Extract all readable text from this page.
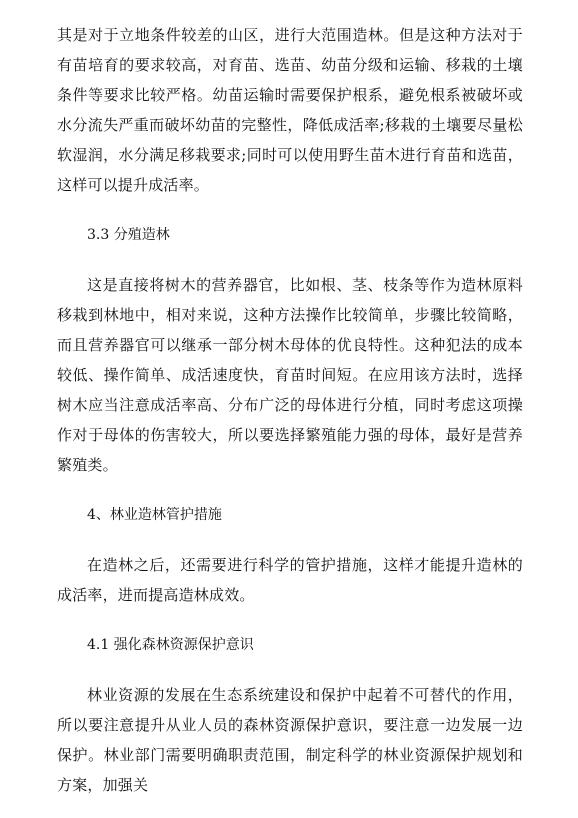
其是对于立地条件较差的山区，进行大范围造林。但是这种方法对于有苗培育的要求较高，对育苗、选苗、幼苗分级和运输、移栽的土壤条件等要求比较严格。幼苗运输时需要保护根系，避免根系被破坏或水分流失严重而破坏幼苗的完整性，降低成活率;移栽的土壤要尽量松软湿润，水分满足移栽要求;同时可以使用野生苗木进行育苗和选苗，这样可以提升成活率。

3.3 分殖造林

这是直接将树木的营养器官，比如根、茎、枝条等作为造林原料移栽到林地中，相对来说，这种方法操作比较简单，步骤比较简略，而且营养器官可以继承一部分树木母体的优良特性。这种犯法的成本较低、操作简单、成活速度快，育苗时间短。在应用该方法时，选择树木应当注意成活率高、分布广泛的母体进行分植，同时考虑这项操作对于母体的伤害较大，所以要选择繁殖能力强的母体，最好是营养繁殖类。

4、林业造林管护措施

在造林之后，还需要进行科学的管护措施，这样才能提升造林的成活率，进而提高造林成效。

4.1 强化森林资源保护意识

林业资源的发展在生态系统建设和保护中起着不可替代的作用，所以要注意提升从业人员的森林资源保护意识，要注意一边发展一边保护。林业部门需要明确职责范围，制定科学的林业资源保护规划和方案，加强关
